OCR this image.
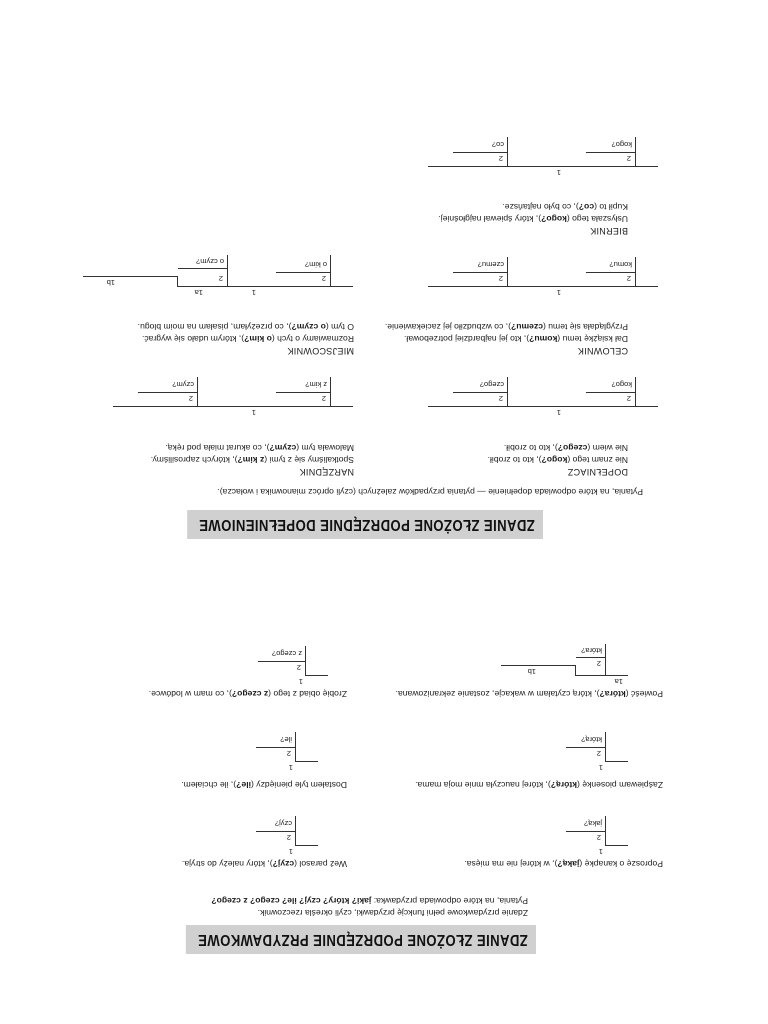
ZDANIE ZŁOŻONE PODRZĘDNIE PRZYDAWKOWE
Zdanie przydawkowe pełni funkcję przydawki, czyli określa rzeczownik.
Pytania, na które odpowiada przydawka: jaki? który? czyj? ile? czego? z czego?
Poproszę o kanapkę (jaką?), w której nie ma mięsa.
Zaśpiewam piosenkę (którą?), której nauczyła mnie moja mama.
Powieść (która?), którą czytałam w wakacje, zostanie zekranizowana.
Weź parasol (czyj?), który należy do stryja.
Dostałem tyle pieniędzy (ile?), ile chciałem.
Zrobię obiad z tego (z czego?), co mam w lodówce.
1
2
jaką?
1
2
czyj?
1
2
którą?
1
2
ile?
1a
1b
2
która?
1
2
z czego?
ZDANIE ZŁOŻONE PODRZĘDNIE DOPEŁNIENIOWE
Pytania, na które odpowiada dopełnienie — pytania przypadków zależnych (czyli oprócz mianownika i wołacza).
DOPEŁNIACZ
Nie znam tego (kogo?), kto to zrobił.
Nie wiem (czego?), kto to zrobił.
1
2
kogo?
2
czego?
NARZĘDNIK
Spotkaliśmy się z tymi (z kim?), których zaprosiliśmy.
Malowała tym (czym?), co akurat miała pod ręką.
1
2
z kim?
2
czym?
CELOWNIK
Dał książkę temu (komu?), kto jej najbardziej potrzebował.
Przyglądała się temu (czemu?), co wzbudziło jej zaciekawienie.
1
2
komu?
2
czemu?
MIEJSCOWNIK
Rozmawiamy o tych (o kim?), którym udało się wygrać.
O tym (o czym?), co przeżyłam, pisałam na moim blogu.
1
2
o kim?
1a
1b	2
o czym?
BIERNIK
Usłyszała tego (kogo?), który śpiewał najgłośniej.
Kupił to (co?), co było najtańsze.
1
2
kogo?
2
co?
